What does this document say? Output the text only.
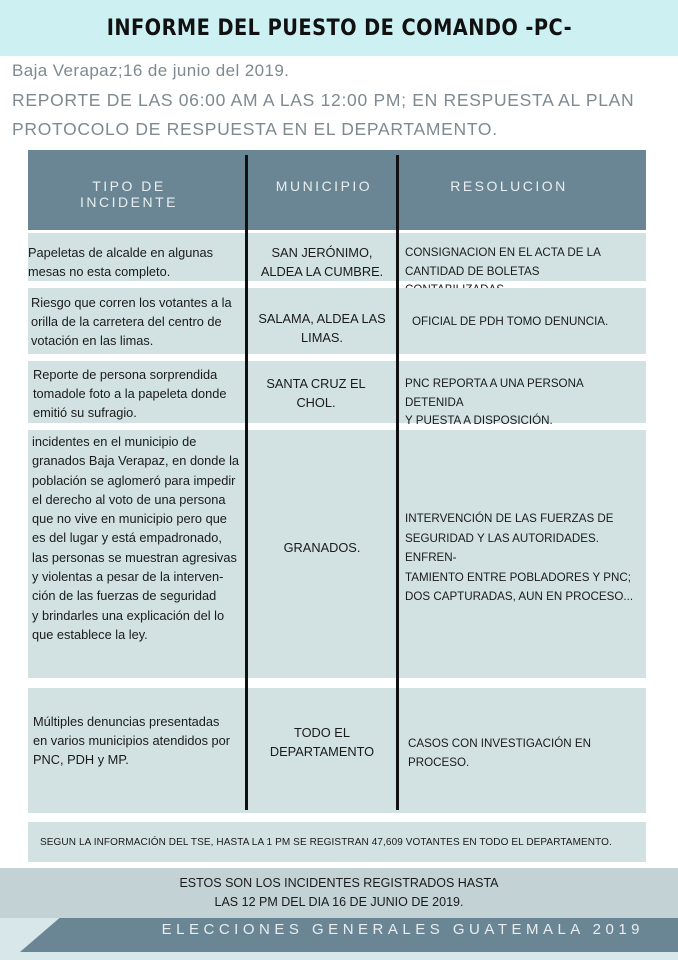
INFORME DEL PUESTO DE COMANDO -PC-
Baja Verapaz;16 de junio del 2019.
REPORTE DE LAS 06:00 AM A LAS 12:00 PM; EN RESPUESTA AL PLAN
PROTOCOLO DE RESPUESTA EN EL DEPARTAMENTO.
TIPO DE INCIDENTE
MUNICIPIO	RESOLUCION
Papeletas de alcalde en algunas
mesas no esta completo.
SAN JERÓNIMO,
ALDEA LA CUMBRE.
CONSIGNACION EN EL ACTA DE LA
CANTIDAD DE BOLETAS
Riesgo que corren los votantes a la
orilla de la carretera del centro de
votación en las limas.
SALAMA, ALDEA LAS
LIMAS.
OFICIAL DE PDH TOMO DENUNCIA.
Reporte de persona sorprendida
tomadole foto a la papeleta donde
emitió su sufragio.
SANTA CRUZ EL CHOL.
PNC REPORTA A UNA PERSONA DETENIDA
Y PUESTA A DISPOSICIÓN.
incidentes en el municipio de
granados Baja Verapaz, en donde la
población se aglomeró para impedir
el derecho al voto de una persona
que no vive en municipio pero que
es del lugar y está empadronado,
las personas se muestran agresivas
y violentas a pesar de la interven-
ción de las fuerzas de seguridad
y brindarles una explicación del lo
que establece la ley.
GRANADOS.
INTERVENCIÓN DE LAS FUERZAS DE
SEGURIDAD Y LAS AUTORIDADES. ENFREN-
TAMIENTO ENTRE POBLADORES Y PNC;
DOS CAPTURADAS, AUN EN PROCESO...
Múltiples denuncias presentadas
en varios municipios atendidos por
PNC, PDH y MP.
TODO EL
DEPARTAMENTO
CASOS CON INVESTIGACIÓN EN PROCESO.
SEGUN LA INFORMACIÓN DEL TSE, HASTA LA 1 PM SE REGISTRAN 47,609 VOTANTES EN TODO EL DEPARTAMENTO.
ESTOS SON LOS INCIDENTES REGISTRADOS HASTA
LAS 12 PM DEL DIA 16 DE JUNIO DE 2019.
ELECCIONES GENERALES GUATEMALA 2019
